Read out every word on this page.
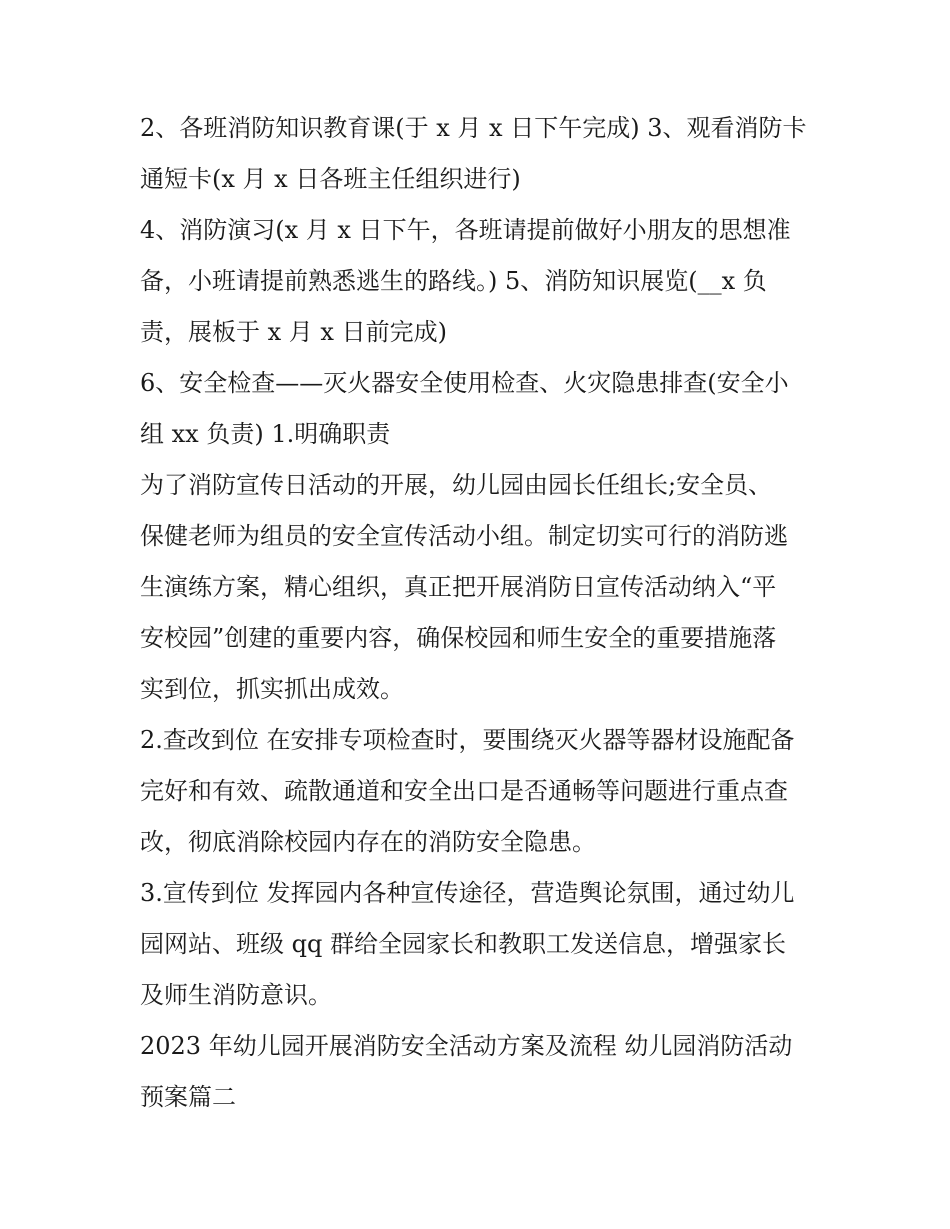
2、各班消防知识教育课(于 x 月 x 日下午完成) 3、观看消防卡

通短卡(x 月 x 日各班主任组织进行)

4、消防演习(x 月 x 日下午，各班请提前做好小朋友的思想准

备，小班请提前熟悉逃生的路线。) 5、消防知识展览(__x 负

责，展板于 x 月 x 日前完成)

6、安全检查——灭火器安全使用检查、火灾隐患排查(安全小

组 xx 负责) 1.明确职责

为了消防宣传日活动的开展，幼儿园由园长任组长;安全员、

保健老师为组员的安全宣传活动小组。制定切实可行的消防逃

生演练方案，精心组织，真正把开展消防日宣传活动纳入“平

安校园”创建的重要内容，确保校园和师生安全的重要措施落

实到位，抓实抓出成效。

2.查改到位 在安排专项检查时，要围绕灭火器等器材设施配备

完好和有效、疏散通道和安全出口是否通畅等问题进行重点查

改，彻底消除校园内存在的消防安全隐患。

3.宣传到位 发挥园内各种宣传途径，营造舆论氛围，通过幼儿

园网站、班级 qq 群给全园家长和教职工发送信息，增强家长

及师生消防意识。

2023 年幼儿园开展消防安全活动方案及流程 幼儿园消防活动

预案篇二
